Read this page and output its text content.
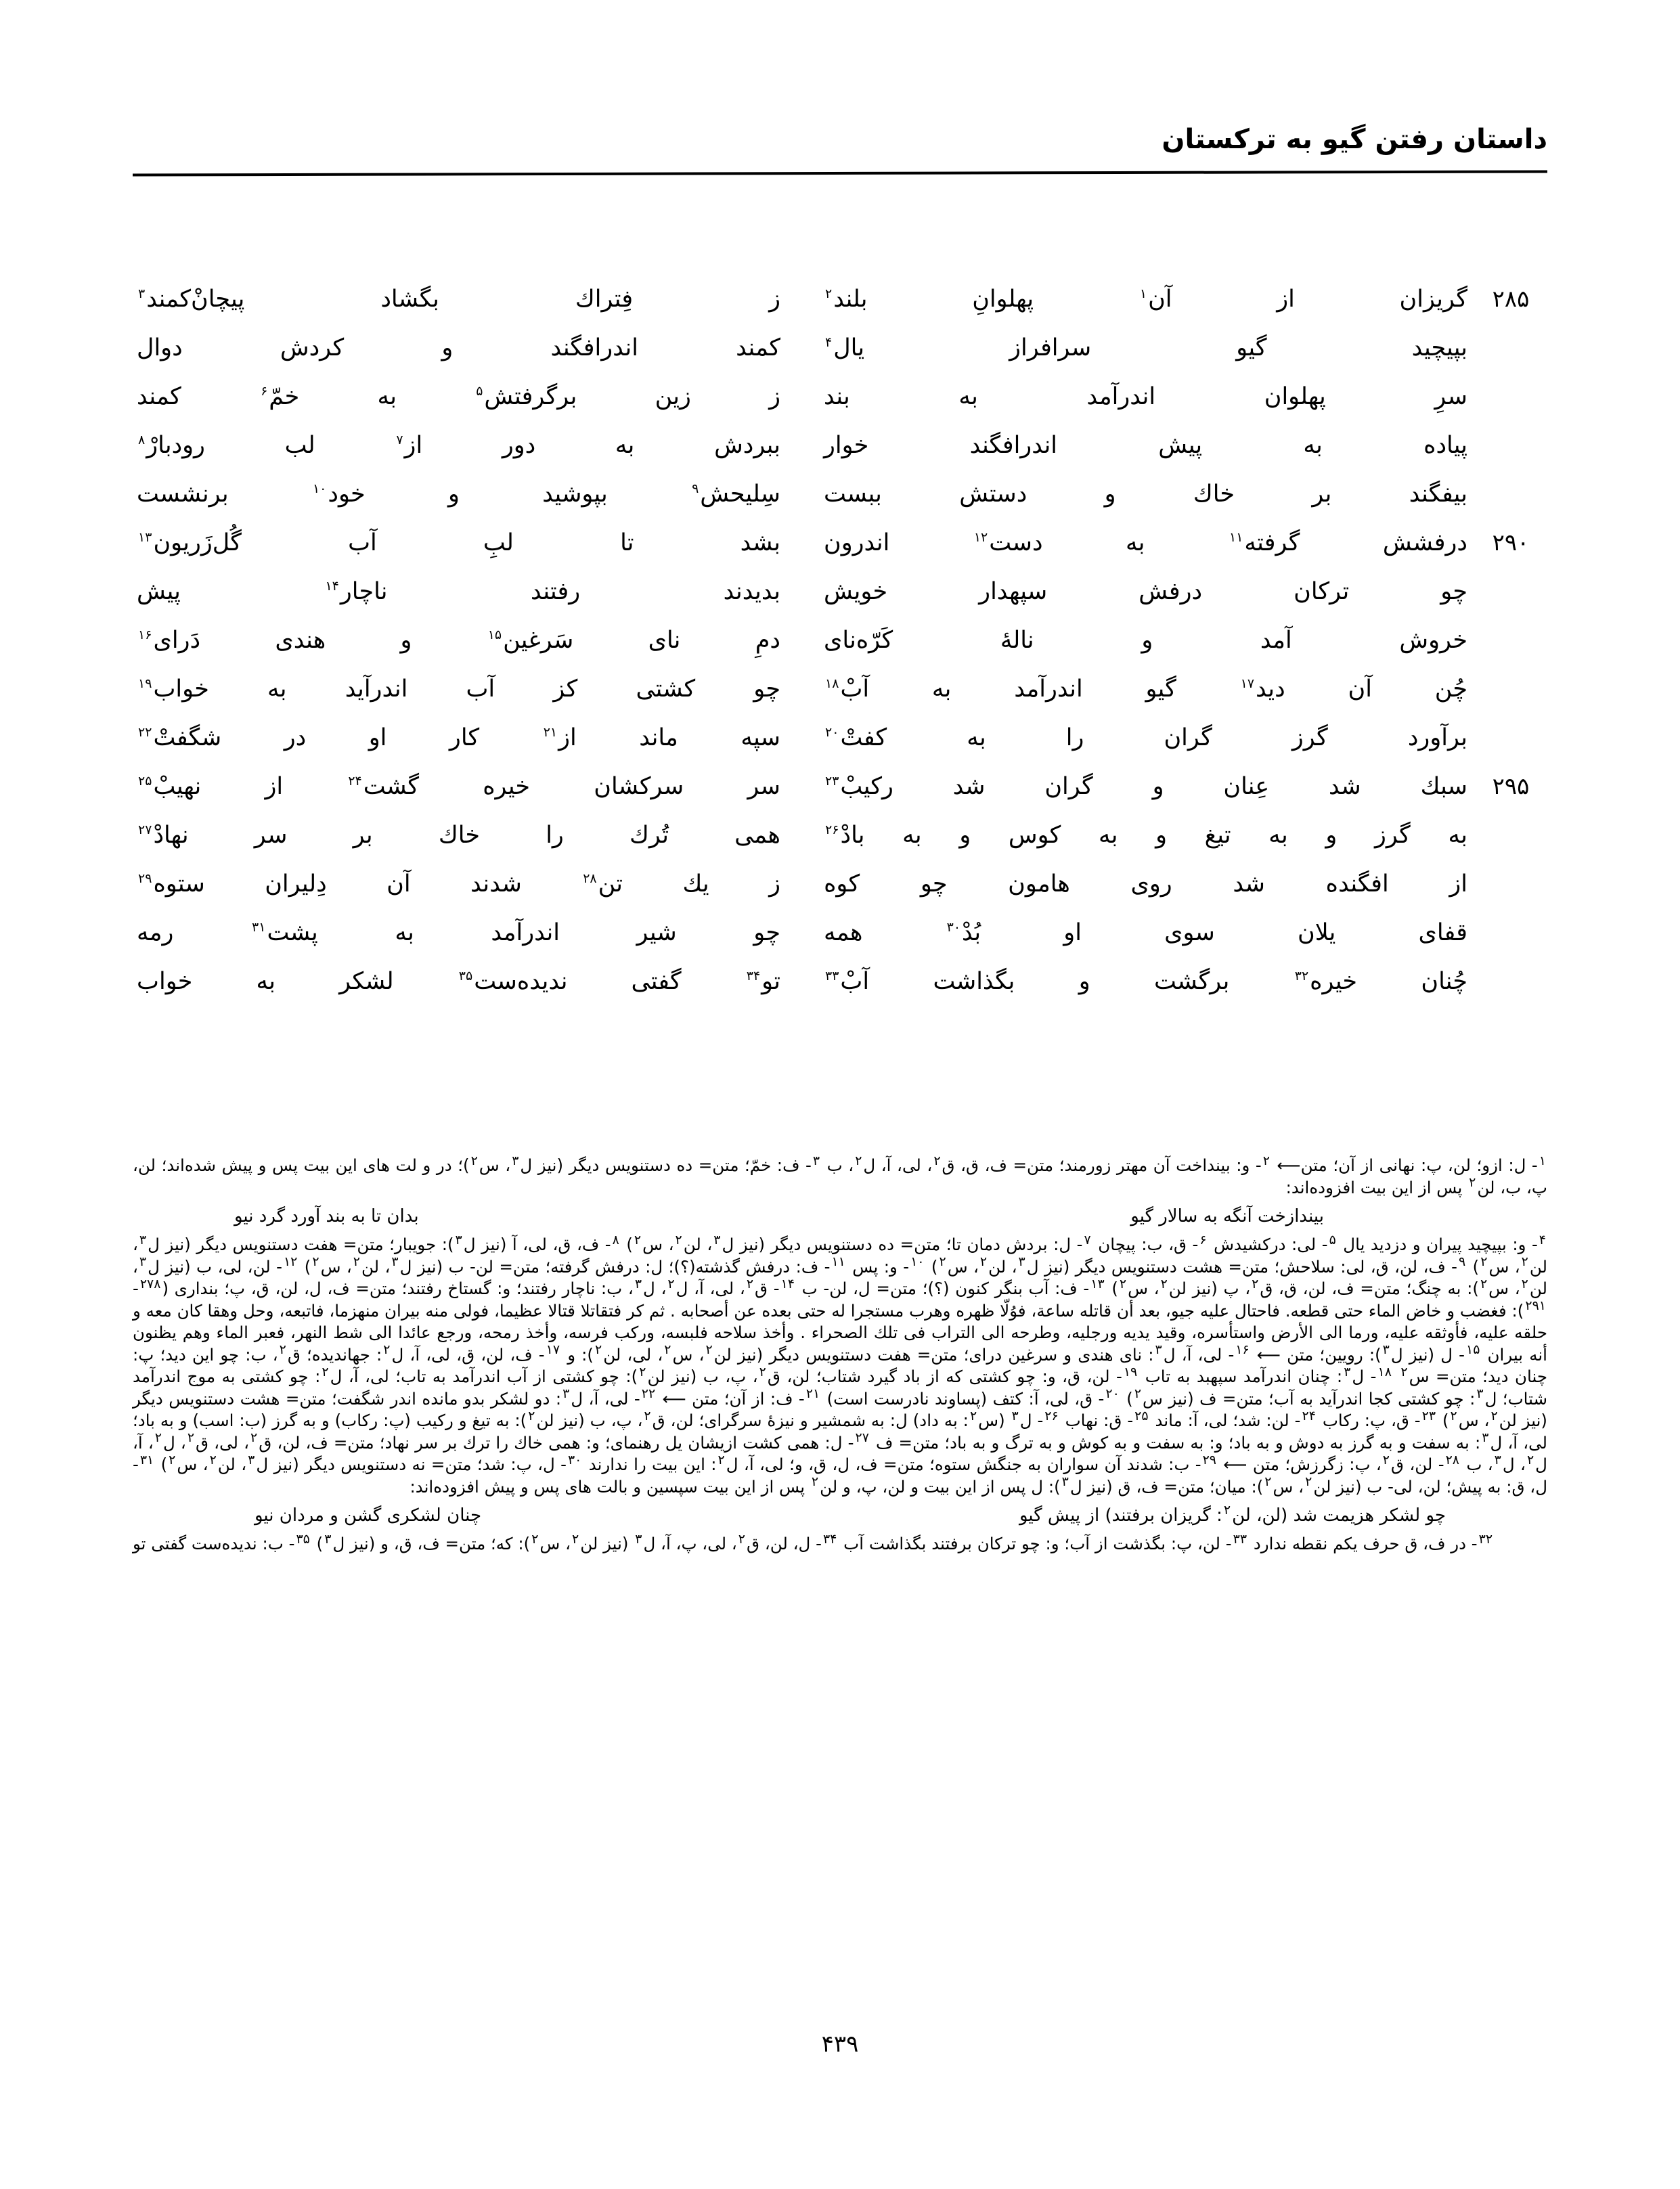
داستان رفتن گیو به ترکستان
۲۸۵
گریزان
از
آن$^۱$
پهلوانِ
بلند$^۲$
ز
فِتراك
بگشاد
پیچانْ‌کمند$^۳$
بپیچید
گیو
سرافراز
یال$^۴$
كمند
اندرافگند
و
كردش
دوال
سرِ
پهلوان
اندرآمد
به
بند
ز
زین
برگرفتش$^۵$
به
خمّ$^۶$
كمند
پیاده
به
پیش
اندرافگند
خوار
ببردش
به
دور
از$^۷$
لب
رودبارْ$^۸$
بیفگند
بر
خاك
و
دستش
ببست
سِلیحش$^۹$
بپوشید
و
خود$^{۱۰}$
برنشست
۲۹۰
درفشش
گرفته$^{۱۱}$
به
دست$^{۱۲}$
اندرون
بشد
تا
لبِ
آب
گُل‌زَریون$^{۱۳}$
چو
تركان
درفش
سپهدار
خویش
بدیدند
رفتند
ناچار$^{۱۴}$
پیش
خروش
آمد
و
نالهٔ
كَرّه‌نای
دمِ
نای
سَرغین$^{۱۵}$
و
هندی
دَرای$^{۱۶}$
چُن
آن
دید$^{۱۷}$
گیو
اندرآمد
به
آبْ$^{۱۸}$
چو
كشتی
كز
آب
اندرآید
به
خواب$^{۱۹}$
برآورد
گرز
گران
را
به
كفتْ$^{۲۰}$
سپه
ماند
از$^{۲۱}$
كار
او
در
شگفتْ$^{۲۲}$
۲۹۵
سبك
شد
عِنان
و
گران
شد
ركیبْ$^{۲۳}$
سر
سركشان
خیره
گشت$^{۲۴}$
از
نهیبْ$^{۲۵}$
به
گرز
و
به
تیغ
و
به
كوس
و
به
بادْ$^{۲۶}$
همی
تُرك
را
خاك
بر
سر
نهادْ$^{۲۷}$
از
افگنده
شد
روی
هامون
چو
كوه
ز
یك
تن$^{۲۸}$
شدند
آن
دِلیران
ستوه$^{۲۹}$
قفای
یلان
سوی
او
بُدْ$^{۳۰}$
همه
چو
شیر
اندرآمد
به
پشت$^{۳۱}$
رمه
چُنان
خیره$^{۳۲}$
برگشت
و
بگذاشت
آبْ$^{۳۳}$
تو$^{۳۴}$
گفتی
ندیده‌ست$^{۳۵}$
لشكر
به
خواب
$^۱$- ل: ازو؛ لن، پ: نهانی از آن؛ متن⟵ $^۲$- و: بینداخت آن مهتر زورمند؛ متن= ف، ق، ق$^۲$، لی، آ، ل$^۲$، ب $^۳$- ف: خمّ؛ متن= ده دستنویس دیگر (نیز ل$^۳$، س$^۲$)؛ در و لت های این بیت پس و پیش شده‌اند؛ لن، پ، ب، لن$^۲$ پس از این بیت افزوده‌اند:
بیندازخت آنگه به سالار گیو
بدان تا به بند آورد گرد نیو
$^۴$- و: بپیچید پیران و دزدید یال $^۵$- لی: درکشیدش $^۶$- ق، ب: پیچان $^۷$- ل: بردش دمان تا؛ متن= ده دستنویس دیگر (نیز ل$^۳$، لن$^۲$، س$^۲$) $^۸$- ف، ق، لی، آ (نیز ل$^۳$): جویبار؛ متن= هفت دستنویس دیگر (نیز ل$^۳$، لن$^۲$، س$^۲$) $^۹$- ف، لن، ق، لی: سلاحش؛ متن= هشت دستنویس دیگر (نیز ل$^۳$، لن$^۲$، س$^۲$) $^{۱۰}$- و: پس $^{۱۱}$- ف: درفش گذشته(؟)؛ ل: درفش گرفته؛ متن= لن- ب (نیز ل$^۳$، لن$^۲$، س$^۲$) $^{۱۲}$- لن، لی، ب (نیز ل$^۳$، لن$^۲$، س$^۲$): به چنگ؛ متن= ف، لن، ق، ق$^۲$، پ (نیز لن$^۲$، س$^۲$) $^{۱۳}$- ف: آب بنگر كنون (؟)؛ متن= ل، لن- ب $^{۱۴}$- ق$^۲$، لی، آ، ل$^۲$، ل$^۳$، ب: ناچار رفتند؛ و: گستاخ رفتند؛ متن= ف، ل، لن، ق، پ؛ بنداری ($^{۲۷۸}$- $^{۲۹۱}$): فغضب و خاض الماء حتی قطعه. فاحتال علیه جیو، بعد أن قاتله ساعة، فوُلّا ظهره وهرب مستجرا له حتی بعده عن أصحابه . ثم كر فتقاتلا قتالا عظیما، فولی منه بیران منهزما، فاتبعه، وحل وهقا كان معه و حلقه علیه، فأوثقه علیه، ورما الی الأرض واستأسره، وقید یدیه ورجلیه، وطرحه الی التراب فی تلك الصحراء . وأخذ سلاحه فلبسه، وركب فرسه، وأخذ رمحه، ورجع عائدا الی شط النهر، فعبر الماء وهم یظنون أنه بیران $^{۱۵}$- ل (نیز ل$^۳$): رویین؛ متن ⟵ $^{۱۶}$- لی، آ، ل$^۳$: نای هندی و سرغین درای؛ متن= هفت دستنویس دیگر (نیز لن$^۲$، س$^۲$، لی، لن$^۲$): و $^{۱۷}$- ف، لن، ق، لی، آ، ل$^۲$: جهاندیده؛ ق$^۲$، ب: چو این دید؛ پ: چنان دید؛ متن= س$^۲$ $^{۱۸}$- ل$^۳$: چنان اندرآمد سپهبد به تاب $^{۱۹}$- لن، ق، و: چو كشتی كه از باد گیرد شتاب؛ لن، ق$^۲$، پ، ب (نیز لن$^۲$): چو كشتی از آب اندرآمد به تاب؛ لی، آ، ل$^۲$: چو كشتی به موج اندرآمد شتاب؛ ل$^۳$: چو كشتی كجا اندرآید به آب؛ متن= ف (نیز س$^۲$) $^{۲۰}$- ق، لی، آ: كتف (پساوند نادرست است) $^{۲۱}$- ف: از آن؛ متن ⟵ $^{۲۲}$- لی، آ، ل$^۳$: دو لشكر بدو مانده اندر شگفت؛ متن= هشت دستنویس دیگر (نیز لن$^۲$، س$^۲$) $^{۲۳}$- ق، پ: ركاب $^{۲۴}$- لن: شد؛ لی، آ: ماند $^{۲۵}$- ق: نهاب $^{۲۶}$- ل$^۳$ (س$^۲$: به داد) ل: به شمشیر و نیزهٔ سرگرای؛ لن، ق$^۲$، پ، ب (نیز لن$^۲$): به تیغ و ركیب (پ: ركاب) و به گرز (ب: اسب) و به باد؛ لی، آ، ل$^۳$: به سفت و به گرز به دوش و به باد؛ و: به سفت و به كوش و به ترگ و به باد؛ متن= ف $^{۲۷}$- ل: همی كشت ازیشان یل رهنمای؛ و: همی خاك را ترك بر سر نهاد؛ متن= ف، لن، ق$^۲$، لی، ق$^۲$، ل$^۲$، آ، ل$^۲$، ل$^۳$، ب $^{۲۸}$- لن، ق$^۲$، پ: زگرزش؛ متن ⟵ $^{۲۹}$- ب: شدند آن سواران به جنگش ستوه؛ متن= ف، ل، ق، و؛ لی، آ، ل$^۲$: این بیت را ندارند $^{۳۰}$- ل، پ: شد؛ متن= نه دستنویس دیگر (نیز ل$^۳$، لن$^۲$، س$^۲$) $^{۳۱}$- ل، ق: به پیش؛ لن، لی- ب (نیز لن$^۲$، س$^۲$): میان؛ متن= ف، ق (نیز ل$^۳$): ل پس از این بیت و لن، پ، و لن$^۲$ پس از این بیت سپسین و بالت های پس و پیش افزوده‌اند:
چو لشكر هزیمت شد (لن، لن$^۲$: گریزان برفتند) از پیش گیو
چنان لشكری گشن و مردان نیو
$^{۳۲}$- در ف، ق حرف یكم نقطه ندارد $^{۳۳}$- لن، پ: بگذشت از آب؛ و: چو تركان برفتند بگذاشت آب $^{۳۴}$- ل، لن، ق$^۲$، لی، پ، آ، ل$^۳$ (نیز لن$^۲$، س$^۲$): كه؛ متن= ف، ق، و (نیز ل$^۳$) $^{۳۵}$- ب: ندیده‌ست گفتی تو
۴۳۹
